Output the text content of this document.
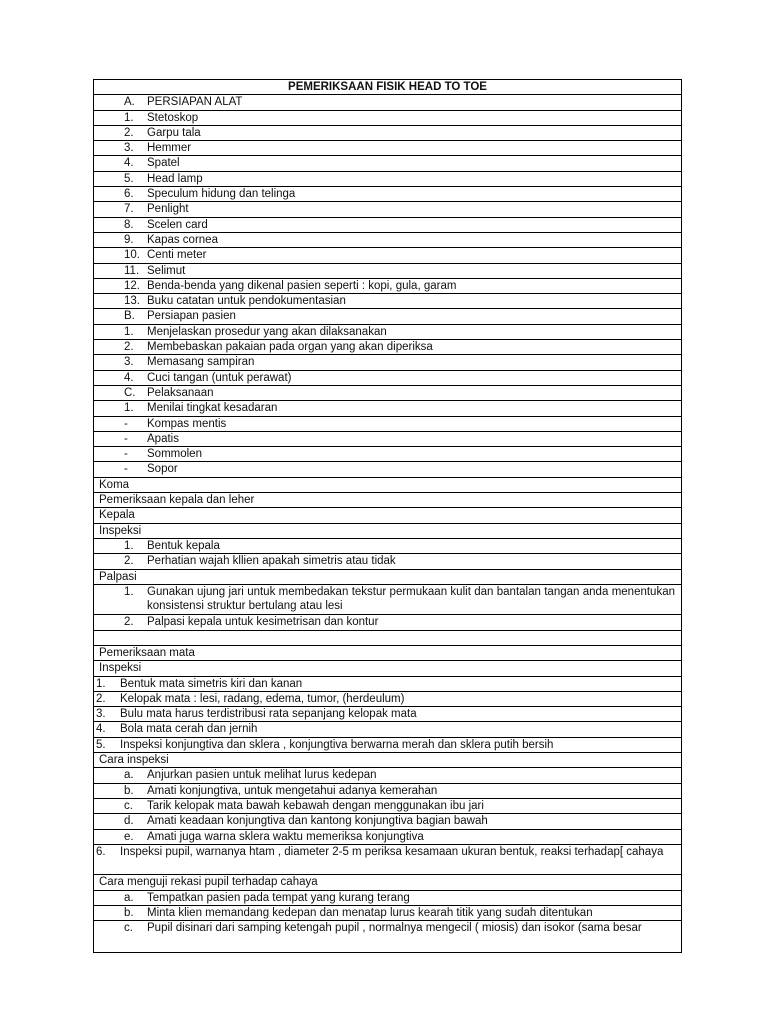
PEMERIKSAAN FISIK HEAD TO TOE
A. PERSIAPAN ALAT
1. Stetoskop
2. Garpu tala
3. Hemmer
4. Spatel
5. Head lamp
6. Speculum hidung dan telinga
7. Penlight
8. Scelen card
9. Kapas cornea
10. Centi meter
11. Selimut
12. Benda-benda yang dikenal pasien seperti : kopi, gula, garam
13. Buku catatan untuk pendokumentasian
B. Persiapan pasien
1. Menjelaskan prosedur yang akan dilaksanakan
2. Membebaskan pakaian pada organ yang akan diperiksa
3. Memasang sampiran
4. Cuci tangan (untuk perawat)
C. Pelaksanaan
1. Menilai tingkat kesadaran
- Kompas mentis
- Apatis
- Sommolen
- Sopor
Koma
Pemeriksaan kepala dan leher
Kepala
Inspeksi
1. Bentuk kepala
2. Perhatian wajah kllien apakah simetris atau tidak
Palpasi
1.	Gunakan ujung jari untuk membedakan tekstur permukaan kulit dan bantalan tangan anda menentukan konsistensi struktur bertulang atau lesi
2. Palpasi kepala untuk kesimetrisan dan kontur
Pemeriksaan mata
Inspeksi
1. Bentuk mata simetris kiri dan kanan
2. Kelopak mata : lesi, radang, edema, tumor, (herdeulum)
3. Bulu mata harus terdistribusi rata sepanjang kelopak mata
4. Bola mata cerah dan jernih
5. Inspeksi konjungtiva dan sklera , konjungtiva berwarna merah dan sklera putih bersih
Cara inspeksi
a. Anjurkan pasien untuk melihat lurus kedepan
b. Amati konjungtiva, untuk mengetahui adanya kemerahan
c. Tarik kelopak mata bawah kebawah dengan menggunakan ibu jari
d. Amati keadaan konjungtiva dan kantong konjungtiva bagian bawah
e. Amati juga warna sklera waktu memeriksa konjungtiva
6.	Inspeksi pupil, warnanya htam , diameter 2-5 m periksa kesamaan ukuran bentuk, reaksi terhadap[ cahaya
Cara menguji rekasi pupil terhadap cahaya
a. Tempatkan pasien pada tempat yang kurang terang
b. Minta klien memandang kedepan dan menatap lurus kearah titik yang sudah ditentukan
c.	Pupil disinari dari samping ketengah pupil , normalnya mengecil ( miosis) dan isokor (sama besar
